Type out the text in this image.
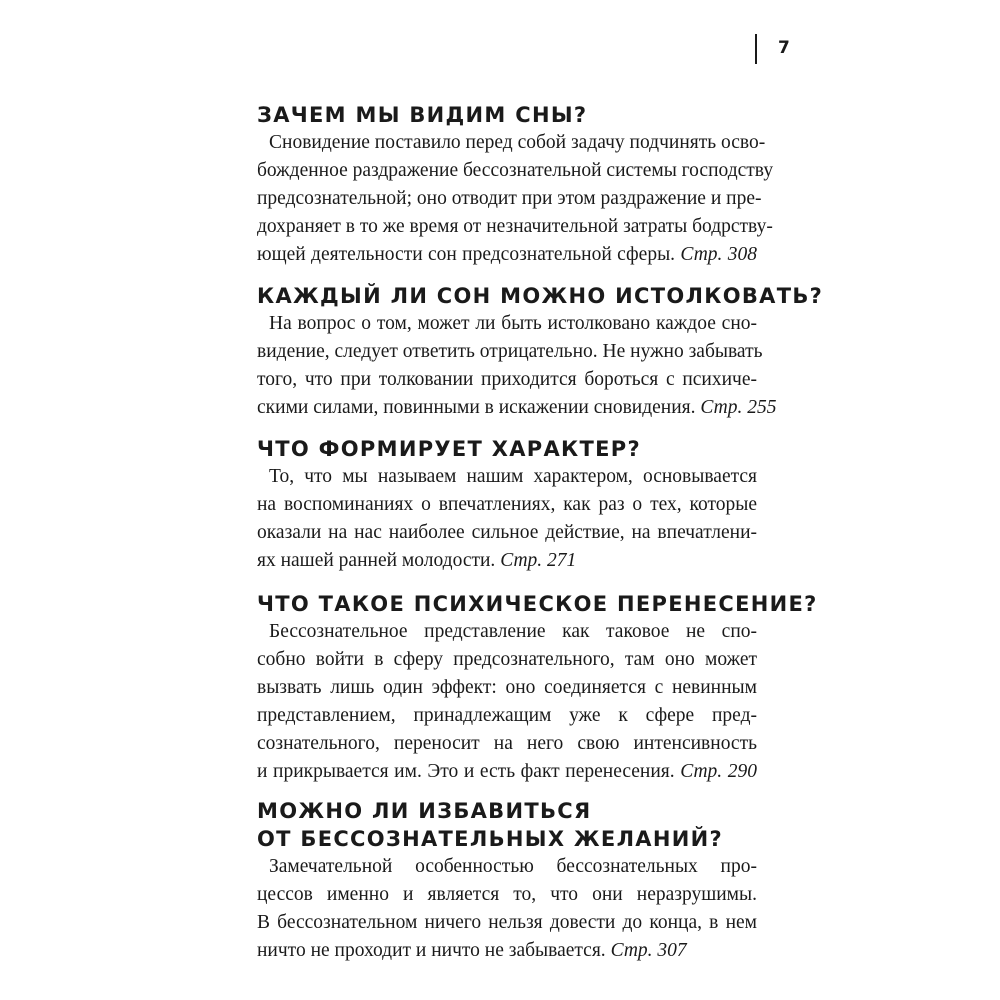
7
ЗАЧЕМ МЫ ВИДИМ СНЫ?
Сновидение поставило перед собой задачу подчинять осво-
божденное раздражение бессознательной системы господству
предсознательной; оно отводит при этом раздражение и пре-
дохраняет в то же время от незначительной затраты бодрству-
ющей деятельности сон предсознательной сферы. Стр. 308
КАЖДЫЙ ЛИ СОН МОЖНО ИСТОЛКОВАТЬ?
На вопрос о том, может ли быть истолковано каждое сно-
видение, следует ответить отрицательно. Не нужно забывать
того, что при толковании приходится бороться с психиче-
скими силами, повинными в искажении сновидения. Стр. 255
ЧТО ФОРМИРУЕТ ХАРАКТЕР?
То, что мы называем нашим характером, основывается
на воспоминаниях о впечатлениях, как раз о тех, которые
оказали на нас наиболее сильное действие, на впечатлени-
ях нашей ранней молодости. Стр. 271
ЧТО ТАКОЕ ПСИХИЧЕСКОЕ ПЕРЕНЕСЕНИЕ?
Бессознательное представление как таковое не спо-
собно войти в сферу предсознательного, там оно может
вызвать лишь один эффект: оно соединяется с невинным
представлением, принадлежащим уже к сфере пред-
сознательного, переносит на него свою интенсивность
и прикрывается им. Это и есть факт перенесения. Стр. 290
МОЖНО ЛИ ИЗБАВИТЬСЯ
ОТ БЕССОЗНАТЕЛЬНЫХ ЖЕЛАНИЙ?
Замечательной особенностью бессознательных про-
цессов именно и является то, что они неразрушимы.
В бессознательном ничего нельзя довести до конца, в нем
ничто не проходит и ничто не забывается. Стр. 307
